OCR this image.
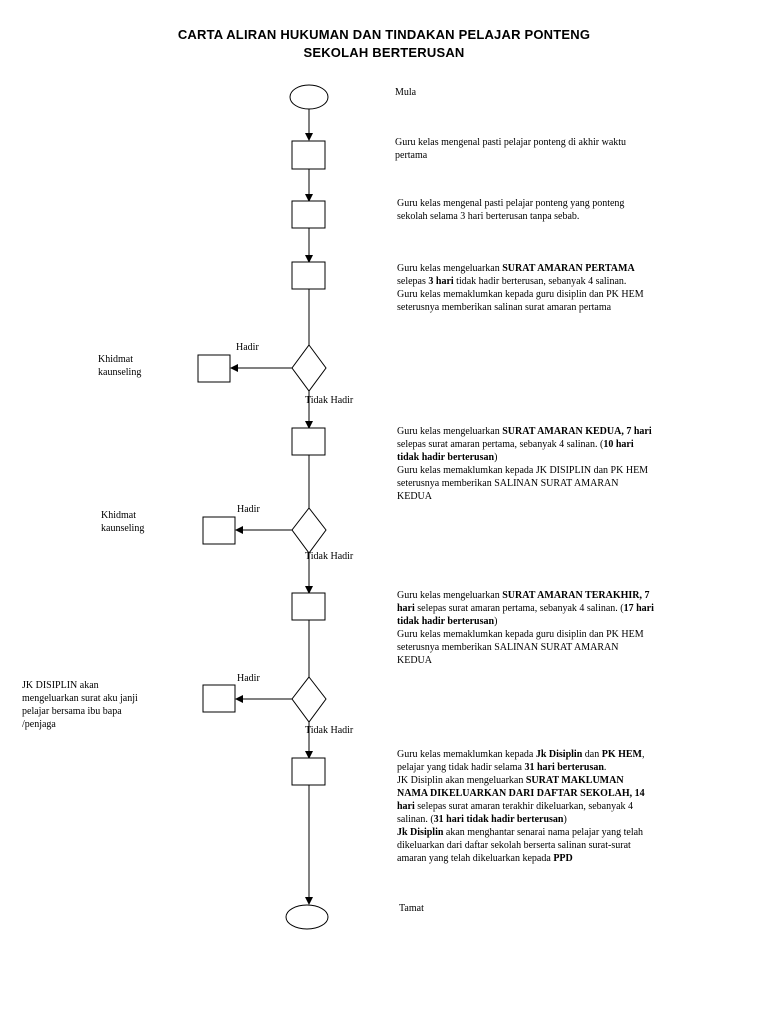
CARTA ALIRAN HUKUMAN DAN TINDAKAN PELAJAR PONTENG
SEKOLAH BERTERUSAN
Mula
Tamat
Guru kelas mengenal pasti pelajar ponteng di akhir waktu
pertama
Guru kelas mengenal pasti pelajar ponteng yang ponteng
sekolah selama 3 hari berterusan tanpa sebab.
Guru kelas mengeluarkan SURAT AMARAN PERTAMA
selepas 3 hari tidak hadir berterusan, sebanyak 4 salinan.
Guru kelas memaklumkan kepada guru disiplin dan PK HEM
seterusnya memberikan salinan surat amaran pertama
Guru kelas mengeluarkan SURAT AMARAN KEDUA, 7 hari
selepas surat amaran pertama, sebanyak 4 salinan. (10 hari
tidak hadir berterusan)
Guru kelas memaklumkan kepada JK DISIPLIN dan PK HEM
seterusnya memberikan SALINAN SURAT AMARAN
KEDUA
Guru kelas mengeluarkan SURAT AMARAN TERAKHIR, 7
hari selepas surat amaran pertama, sebanyak 4 salinan. (17 hari
tidak hadir berterusan)
Guru kelas memaklumkan kepada guru disiplin dan PK HEM
seterusnya memberikan SALINAN SURAT AMARAN
KEDUA
Guru kelas memaklumkan kepada Jk Disiplin dan PK HEM,
pelajar yang tidak hadir selama 31 hari berterusan.
JK Disiplin akan mengeluarkan SURAT MAKLUMAN
NAMA DIKELUARKAN DARI DAFTAR SEKOLAH, 14
hari selepas surat amaran terakhir dikeluarkan, sebanyak 4
salinan. (31 hari tidak hadir berterusan)
Jk Disiplin akan menghantar senarai nama pelajar yang telah
dikeluarkan dari daftar sekolah berserta salinan surat-surat
amaran yang telah dikeluarkan kepada PPD
Hadir
Tidak Hadir
Hadir
Tidak Hadir
Hadir
Tidak Hadir
Khidmat
kaunseling
Khidmat
kaunseling
JK DISIPLIN akan
mengeluarkan surat aku janji
pelajar bersama ibu bapa
/penjaga
